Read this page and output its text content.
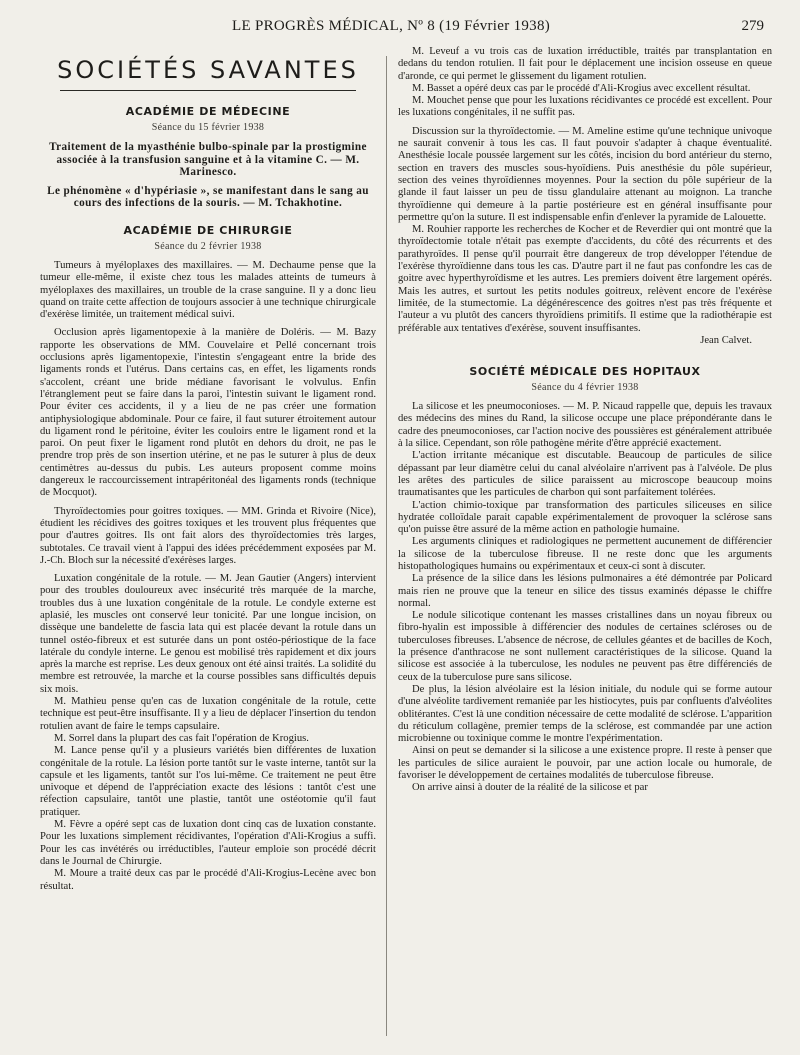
LE PROGRÈS MÉDICAL, Nº 8 (19 Février 1938)	279
SOCIÉTÉS SAVANTES
ACADÉMIE DE MÉDECINE
Séance du 15 février 1938

Traitement de la myasthénie bulbo-spinale par la prostigmine associée à la transfusion sanguine et à la vitamine C. — M. Marinesco.

Le phénomène « d'hypériasie », se manifestant dans le sang au cours des infections de la souris. — M. Tchakhotine.

ACADÉMIE DE CHIRURGIE
Séance du 2 février 1938

Tumeurs à myéloplaxes des maxillaires. — M. Dechaume pense que la tumeur elle-même, il existe chez tous les malades atteints de tumeurs à myéloplaxes des maxillaires, un trouble de la crase sanguine. Il y a donc lieu quand on traite cette affection de toujours associer à une technique chirurgicale d'exérèse limitée, un traitement médical suivi.

Occlusion après ligamentopexie à la manière de Doléris. — M. Bazy rapporte les observations de MM. Couvelaire et Pellé concernant trois occlusions après ligamentopexie, l'intestin s'engageant entre la bride des ligaments ronds et l'utérus. Dans certains cas, en effet, les ligaments ronds s'accolent, créant une bride médiane favorisant le volvulus. Enfin l'étranglement peut se faire dans la paroi, l'intestin suivant le ligament rond. Pour éviter ces accidents, il y a lieu de ne pas créer une formation antiphysiologique abdominale. Pour ce faire, il faut suturer étroitement autour du ligament rond le péritoine, éviter les couloirs entre le ligament rond et la paroi. On peut fixer le ligament rond plutôt en dehors du droit, ne pas le prendre trop près de son insertion utérine, et ne pas le suturer à plus de deux centimètres au-dessus du pubis. Les auteurs proposent comme moins dangereux le raccourcissement intrapéritonéal des ligaments ronds (technique de Mocquot).

Thyroïdectomies pour goitres toxiques. — MM. Grinda et Rivoire (Nice), étudient les récidives des goitres toxiques et les trouvent plus fréquentes que pour d'autres goitres. Ils ont fait alors des thyroïdectomies très larges, subtotales. Ce travail vient à l'appui des idées précédemment exposées par M. J.-Ch. Bloch sur la nécessité d'exérèses larges.

Luxation congénitale de la rotule. — M. Jean Gautier (Angers) intervient pour des troubles douloureux avec insécurité très marquée de la marche, troubles dus à une luxation congénitale de la rotule. Le condyle externe est aplasié, les muscles ont conservé leur tonicité. Par une longue incision, on dissèque une bandelette de fascia lata qui est placée devant la rotule dans un tunnel ostéo-fibreux et est suturée dans un pont ostéo-périostique de la face latérale du condyle interne. Le genou est mobilisé très rapidement et dix jours après la marche est reprise. Les deux genoux ont été ainsi traités. La solidité du membre est retrouvée, la marche et la course possibles sans difficultés depuis six mois.

M. Mathieu pense qu'en cas de luxation congénitale de la rotule, cette technique est peut-être insuffisante. Il y a lieu de déplacer l'insertion du tendon rotulien avant de faire le temps capsulaire.

M. Sorrel dans la plupart des cas fait l'opération de Krogius.

M. Lance pense qu'il y a plusieurs variétés bien différentes de luxation congénitale de la rotule. La lésion porte tantôt sur le vaste interne, tantôt sur la capsule et les ligaments, tantôt sur l'os lui-même. Ce traitement ne peut être univoque et dépend de l'appréciation exacte des lésions : tantôt c'est une réfection capsulaire, tantôt une plastie, tantôt une ostéotomie qu'il faut pratiquer.

M. Fèvre a opéré sept cas de luxation dont cinq cas de luxation constante. Pour les luxations simplement récidivantes, l'opération d'Ali-Krogius a suffi. Pour les cas invétérés ou irréductibles, l'auteur emploie son procédé décrit dans le Journal de Chirurgie.

M. Moure a traité deux cas par le procédé d'Ali-Krogius-Lecène avec bon résultat.

M. Leveuf a vu trois cas de luxation irréductible, traités par transplantation en dedans du tendon rotulien. Il fait pour le déplacement une incision osseuse en queue d'aronde, ce qui permet le glissement du ligament rotulien.

M. Basset a opéré deux cas par le procédé d'Ali-Krogius avec excellent résultat.

M. Mouchet pense que pour les luxations récidivantes ce procédé est excellent. Pour les luxations congénitales, il ne suffit pas.

Discussion sur la thyroïdectomie. — M. Ameline estime qu'une technique univoque ne saurait convenir à tous les cas. Il faut pouvoir s'adapter à chaque éventualité. Anesthésie locale poussée largement sur les côtés, incision du bord antérieur du sterno, section en travers des muscles sous-hyoïdiens. Puis anesthésie du pôle supérieur, section des veines thyroïdiennes moyennes. Pour la section du pôle supérieur de la glande il faut laisser un peu de tissu glandulaire attenant au moignon. La tranche thyroïdienne qui demeure à la partie postérieure est en général insuffisante pour permettre qu'on la suture. Il est indispensable enfin d'enlever la pyramide de Lalouette.

M. Rouhier rapporte les recherches de Kocher et de Reverdier qui ont montré que la thyroïdectomie totale n'était pas exempte d'accidents, du côté des récurrents et des parathyroïdes. Il pense qu'il pourrait être dangereux de trop développer l'étendue de l'exérèse thyroïdienne dans tous les cas. D'autre part il ne faut pas confondre les cas de goitre avec hyperthyroïdisme et les autres. Les premiers doivent être largement opérés. Mais les autres, et surtout les petits nodules goitreux, relèvent encore de l'exérèse limitée, de la stumectomie. La dégénérescence des goitres n'est pas très fréquente et l'auteur a vu plutôt des cancers thyroïdiens primitifs. Il estime que la radiothérapie est préférable aux tentatives d'exérèse, souvent insuffisantes.

Jean Calvet.

SOCIÉTÉ MÉDICALE DES HOPITAUX
Séance du 4 février 1938

La silicose et les pneumoconioses. — M. P. Nicaud rappelle que, depuis les travaux des médecins des mines du Rand, la silicose occupe une place prépondérante dans le cadre des pneumoconioses, car l'action nocive des poussières est généralement attribuée à la silice. Cependant, son rôle pathogène mérite d'être apprécié exactement.

L'action irritante mécanique est discutable. Beaucoup de particules de silice dépassant par leur diamètre celui du canal alvéolaire n'arrivent pas à l'alvéole. De plus les arêtes des particules de silice paraissent au microscope beaucoup moins traumatisantes que les particules de charbon qui sont parfaitement tolérées.

L'action chimio-toxique par transformation des particules siliceuses en silice hydratée colloïdale parait capable expérimentalement de provoquer la sclérose sans qu'on puisse être assuré de la même action en pathologie humaine.

Les arguments cliniques et radiologiques ne permettent aucunement de différencier la silicose de la tuberculose fibreuse. Il ne reste donc que les arguments histopathologiques humains ou expérimentaux et ceux-ci sont à discuter.

La présence de la silice dans les lésions pulmonaires a été démontrée par Policard mais rien ne prouve que la teneur en silice des tissus examinés dépasse le chiffre normal.

Le nodule silicotique contenant les masses cristallines dans un noyau fibreux ou fibro-hyalin est impossible à différencier des nodules de certaines scléroses ou de tuberculoses fibreuses. L'absence de nécrose, de cellules géantes et de bacilles de Koch, la présence d'anthracose ne sont nullement caractéristiques de la silicose. Quand la silicose est associée à la tuberculose, les nodules ne peuvent pas être différenciés de ceux de la tuberculose pure sans silicose.

De plus, la lésion alvéolaire est la lésion initiale, du nodule qui se forme autour d'une alvéolite tardivement remaniée par les histiocytes, puis par confluents d'alvéolites oblitérantes. C'est là une condition nécessaire de cette modalité de sclérose. L'apparition du réticulum collagène, premier temps de la sclérose, est commandée par une action microbienne ou toxinique comme le montre l'expérimentation.

Ainsi on peut se demander si la silicose a une existence propre. Il reste à penser que les particules de silice auraient le pouvoir, par une action locale ou humorale, de favoriser le développement de certaines modalités de tuberculose fibreuse.

On arrive ainsi à douter de la réalité de la silicose et par
